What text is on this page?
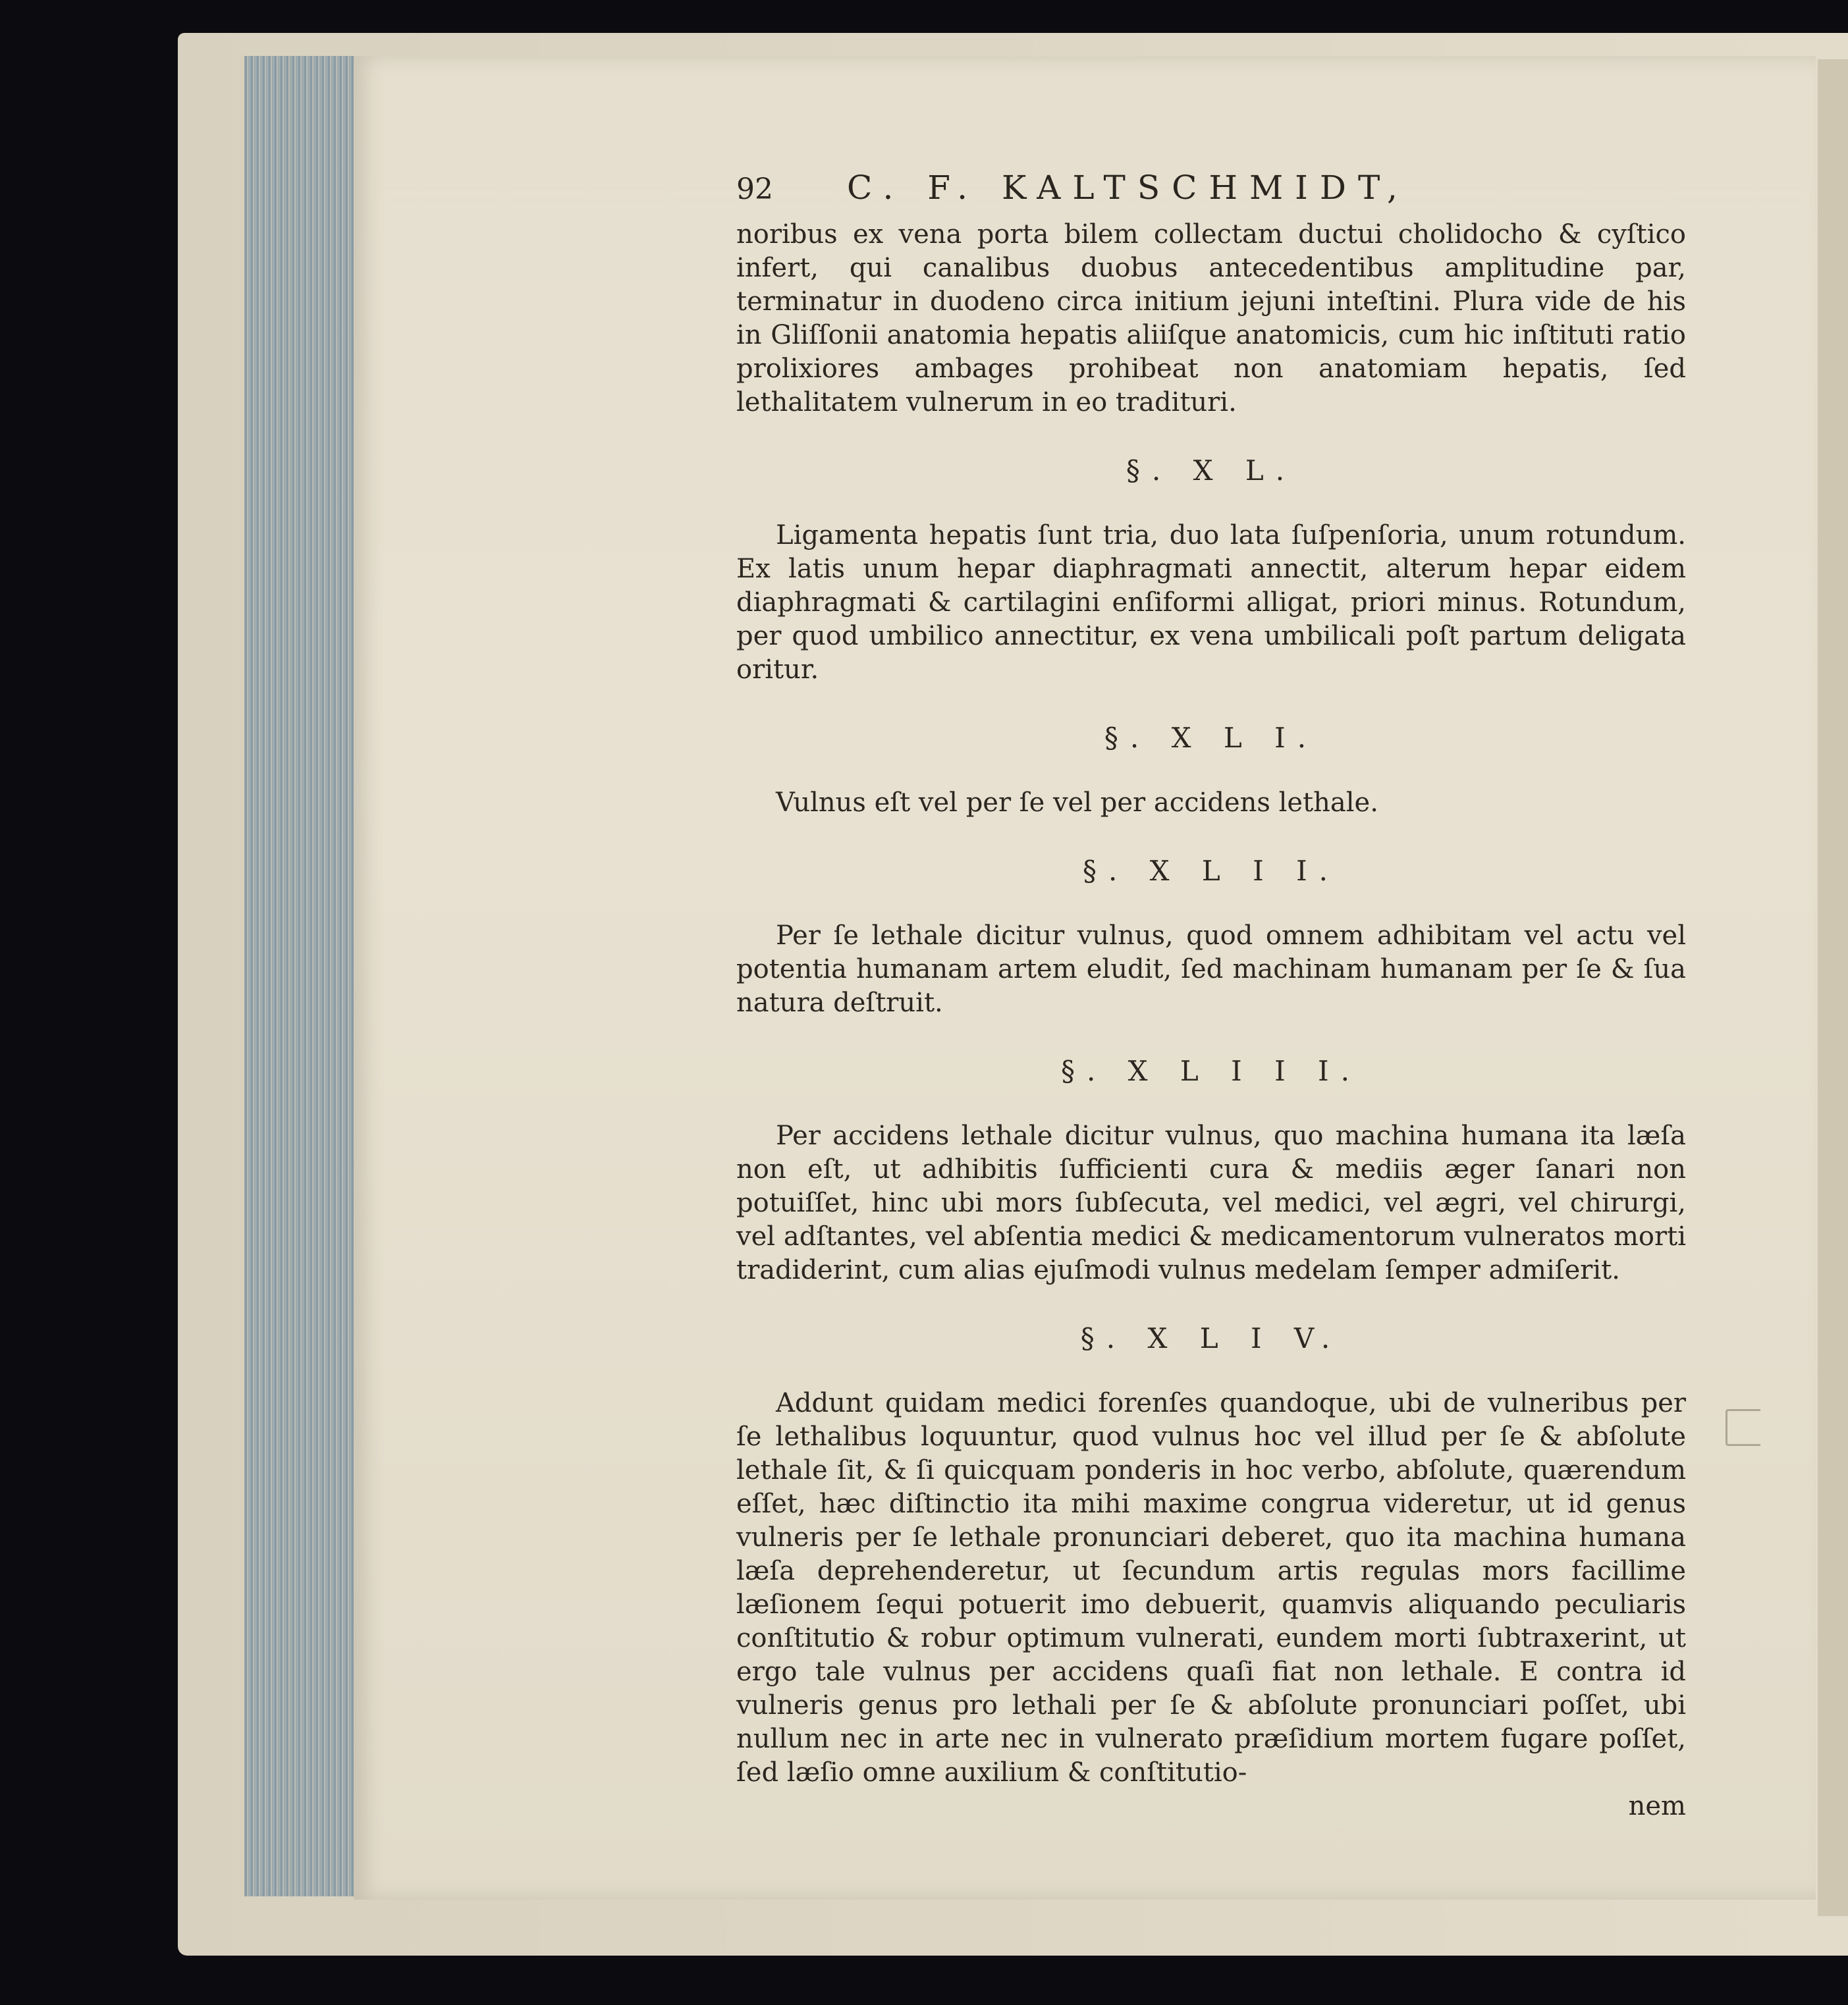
92 C. F. KALTSCHMIDT,

noribus ex vena porta bilem collectam ductui cholidocho & cyſtico infert, qui canalibus duobus antecedentibus amplitudine par, terminatur in duodeno circa initium jejuni inteſtini. Plura vide de his in Gliſſonii anatomia hepatis aliiſque anatomicis, cum hic inſtituti ratio prolixiores ambages prohibeat non anatomiam hepatis, ſed lethalitatem vulnerum in eo tradituri.

§. X L.

Ligamenta hepatis ſunt tria, duo lata ſuſpenſoria, unum rotundum. Ex latis unum hepar diaphragmati annectit, alterum hepar eidem diaphragmati & cartilagini enſiformi alligat, priori minus. Rotundum, per quod umbilico annectitur, ex vena umbilicali poſt partum deligata oritur.

§. X L I.

Vulnus eſt vel per ſe vel per accidens lethale.

§. X L I I.

Per ſe lethale dicitur vulnus, quod omnem adhibitam vel actu vel potentia humanam artem eludit, ſed machinam humanam per ſe & ſua natura deſtruit.

§. X L I I I.

Per accidens lethale dicitur vulnus, quo machina humana ita læſa non eſt, ut adhibitis ſufficienti cura & mediis æger ſanari non potuiſſet, hinc ubi mors ſubſecuta, vel medici, vel ægri, vel chirurgi, vel adſtantes, vel abſentia medici & medicamentorum vulneratos morti tradiderint, cum alias ejuſmodi vulnus medelam ſemper admiſerit.

§. X L I V.

Addunt quidam medici forenſes quandoque, ubi de vulneribus per ſe lethalibus loquuntur, quod vulnus hoc vel illud per ſe & abſolute lethale ſit, & ſi quicquam ponderis in hoc verbo, abſolute, quærendum eſſet, hæc diſtinctio ita mihi maxime congrua videretur, ut id genus vulneris per ſe lethale pronunciari deberet, quo ita machina humana læſa deprehenderetur, ut ſecundum artis regulas mors facillime læſionem ſequi potuerit imo debuerit, quamvis aliquando peculiaris conſtitutio & robur optimum vulnerati, eundem morti ſubtraxerint, ut ergo tale vulnus per accidens quaſi fiat non lethale. E contra id vulneris genus pro lethali per ſe & abſolute pronunciari poſſet, ubi nullum nec in arte nec in vulnerato præſidium mortem fugare poſſet, ſed læſio omne auxilium & conſtitutio-

nem
